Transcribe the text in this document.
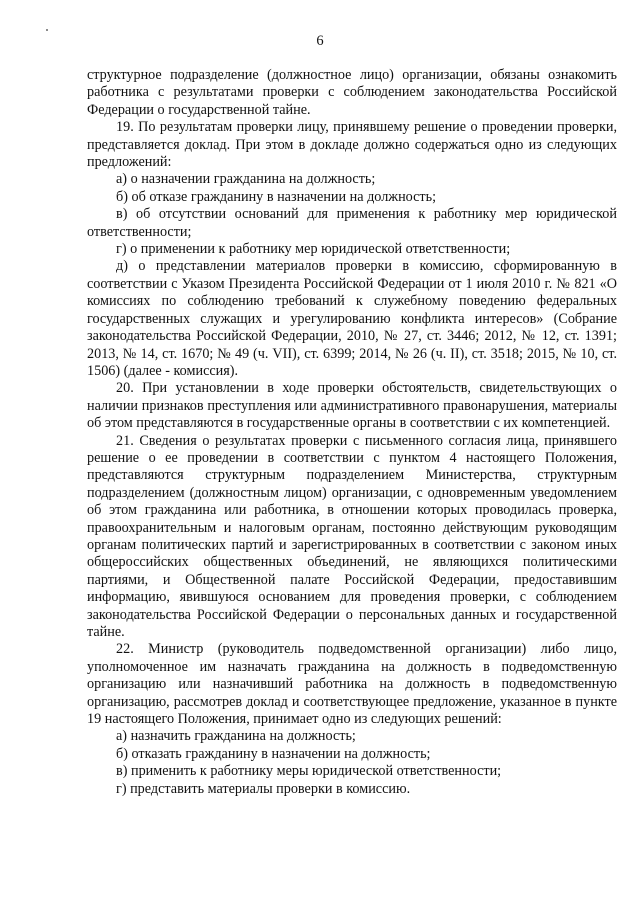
6

структурное подразделение (должностное лицо) организации, обязаны ознакомить работника с результатами проверки с соблюдением законодательства Российской Федерации о государственной тайне.

19. По результатам проверки лицу, принявшему решение о проведении проверки, представляется доклад. При этом в докладе должно содержаться одно из следующих предложений:

а) о назначении гражданина на должность;

б) об отказе гражданину в назначении на должность;

в) об отсутствии оснований для применения к работнику мер юридической ответственности;

г) о применении к работнику мер юридической ответственности;

д) о представлении материалов проверки в комиссию, сформированную в соответствии с Указом Президента Российской Федерации от 1 июля 2010 г. № 821 «О комиссиях по соблюдению требований к служебному поведению федеральных государственных служащих и урегулированию конфликта интересов» (Собрание законодательства Российской Федерации, 2010, № 27, ст. 3446; 2012, № 12, ст. 1391; 2013, № 14, ст. 1670; № 49 (ч. VII), ст. 6399; 2014, № 26 (ч. II), ст. 3518; 2015, № 10, ст. 1506) (далее - комиссия).

20. При установлении в ходе проверки обстоятельств, свидетельствующих о наличии признаков преступления или административного правонарушения, материалы об этом представляются в государственные органы в соответствии с их компетенцией.

21. Сведения о результатах проверки с письменного согласия лица, принявшего решение о ее проведении в соответствии с пунктом 4 настоящего Положения, представляются структурным подразделением Министерства, структурным подразделением (должностным лицом) организации, с одновременным уведомлением об этом гражданина или работника, в отношении которых проводилась проверка, правоохранительным и налоговым органам, постоянно действующим руководящим органам политических партий и зарегистрированных в соответствии с законом иных общероссийских общественных объединений, не являющихся политическими партиями, и Общественной палате Российской Федерации, предоставившим информацию, явившуюся основанием для проведения проверки, с соблюдением законодательства Российской Федерации о персональных данных и государственной тайне.

22. Министр (руководитель подведомственной организации) либо лицо, уполномоченное им назначать гражданина на должность в подведомственную организацию или назначивший работника на должность в подведомственную организацию, рассмотрев доклад и соответствующее предложение, указанное в пункте 19 настоящего Положения, принимает одно из следующих решений:

а) назначить гражданина на должность;

б) отказать гражданину в назначении на должность;

в) применить к работнику меры юридической ответственности;

г) представить материалы проверки в комиссию.
